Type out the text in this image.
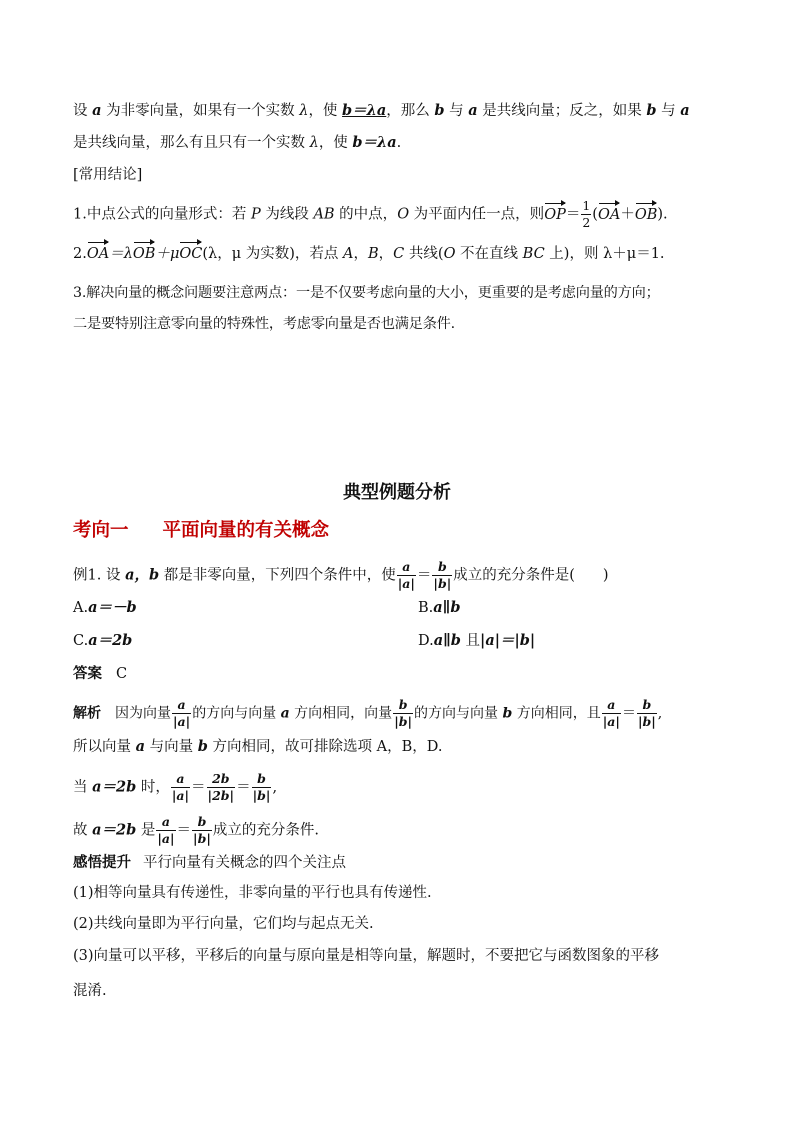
设 a 为非零向量，如果有一个实数 λ，使 b＝λa，那么 b 与 a 是共线向量；反之，如果 b 与 a
是共线向量，那么有且只有一个实数 λ，使 b＝λa.
[常用结论]
1.中点公式的向量形式：若 P 为线段 AB 的中点，O 为平面内任一点，则$OP= \frac{1}{2} (OA+OB)$.
2.OA＝λOB＋μOC(λ，μ 为实数)，若点 A，B，C 共线(O 不在直线 BC 上)，则 λ＋μ＝1.
3.解决向量的概念问题要注意两点：一是不仅要考虑向量的大小，更重要的是考虑向量的方向；
二是要特别注意零向量的特殊性，考虑零向量是否也满足条件.
典型例题分析
考向一 平面向量的有关概念
例1. 设 a，b 都是非零向量，下列四个条件中，使 $\frac{a}{|a|} = \frac{b}{|b|}$ 成立的充分条件是( )
A.a＝－b	B.a∥b
C.a＝2b	D.a∥b 且|a|＝|b|
答案 C
解析 因为向量 $\frac{a}{|a|}$ 的方向与向量 a 方向相同，向量 $\frac{b}{|b|}$ 的方向与向量 b 方向相同，且 $\frac{a}{|a|} = \frac{b}{|b|}$ ,
所以向量 a 与向量 b 方向相同，故可排除选项 A，B，D.
当 a＝2b 时， $\frac{a}{|a|} = \frac{2b}{|2b|} = \frac{b}{|b|}$ ,
故 a＝2b 是 $\frac{a}{|a|} = \frac{b}{|b|}$ 成立的充分条件.
感悟提升 平行向量有关概念的四个关注点
(1)相等向量具有传递性，非零向量的平行也具有传递性.
(2)共线向量即为平行向量，它们均与起点无关.
(3)向量可以平移，平移后的向量与原向量是相等向量，解题时，不要把它与函数图象的平移
混淆.
